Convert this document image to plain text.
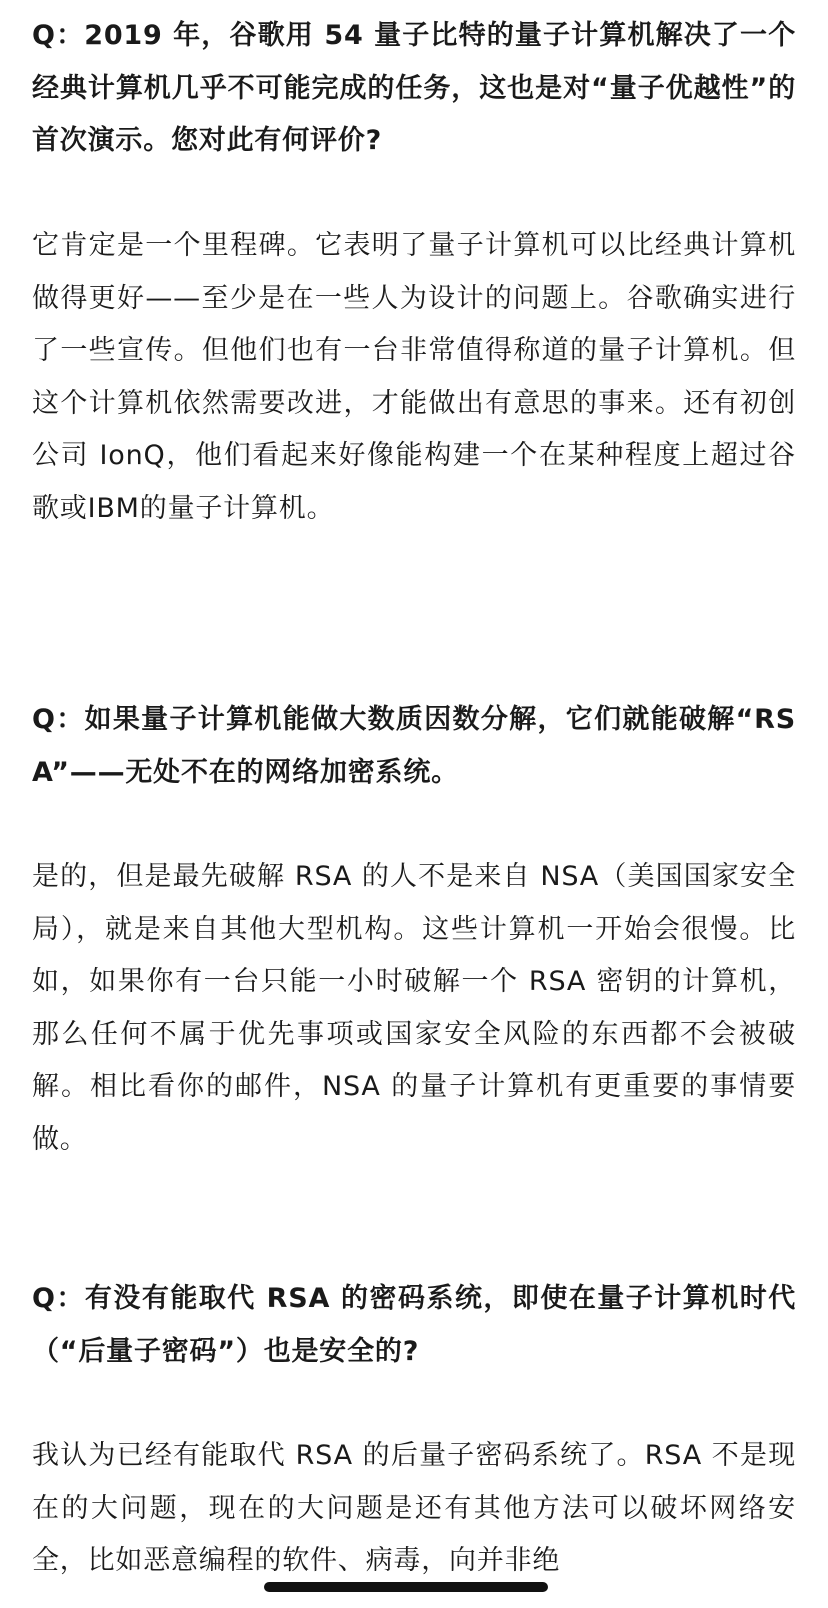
Q：2019 年，谷歌用 54 量子比特的量子计算机解决了一个经典计算机几乎不可能完成的任务，这也是对“量子优越性”的首次演示。您对此有何评价?

它肯定是一个里程碑。它表明了量子计算机可以比经典计算机做得更好——至少是在一些人为设计的问题上。谷歌确实进行了一些宣传。但他们也有一台非常值得称道的量子计算机。但这个计算机依然需要改进，才能做出有意思的事来。还有初创公司 IonQ，他们看起来好像能构建一个在某种程度上超过谷歌或IBM的量子计算机。

Q：如果量子计算机能做大数质因数分解，它们就能破解“RSA”——无处不在的网络加密系统。

是的，但是最先破解 RSA 的人不是来自 NSA（美国国家安全局），就是来自其他大型机构。这些计算机一开始会很慢。比如，如果你有一台只能一小时破解一个 RSA 密钥的计算机，那么任何不属于优先事项或国家安全风险的东西都不会被破解。相比看你的邮件，NSA 的量子计算机有更重要的事情要做。

Q：有没有能取代 RSA 的密码系统，即使在量子计算机时代（“后量子密码”）也是安全的?

我认为已经有能取代 RSA 的后量子密码系统了。RSA 不是现在的大问题，现在的大问题是还有其他方法可以破坏网络安全，比如恶意编程的软件、病毒，向并非绝
